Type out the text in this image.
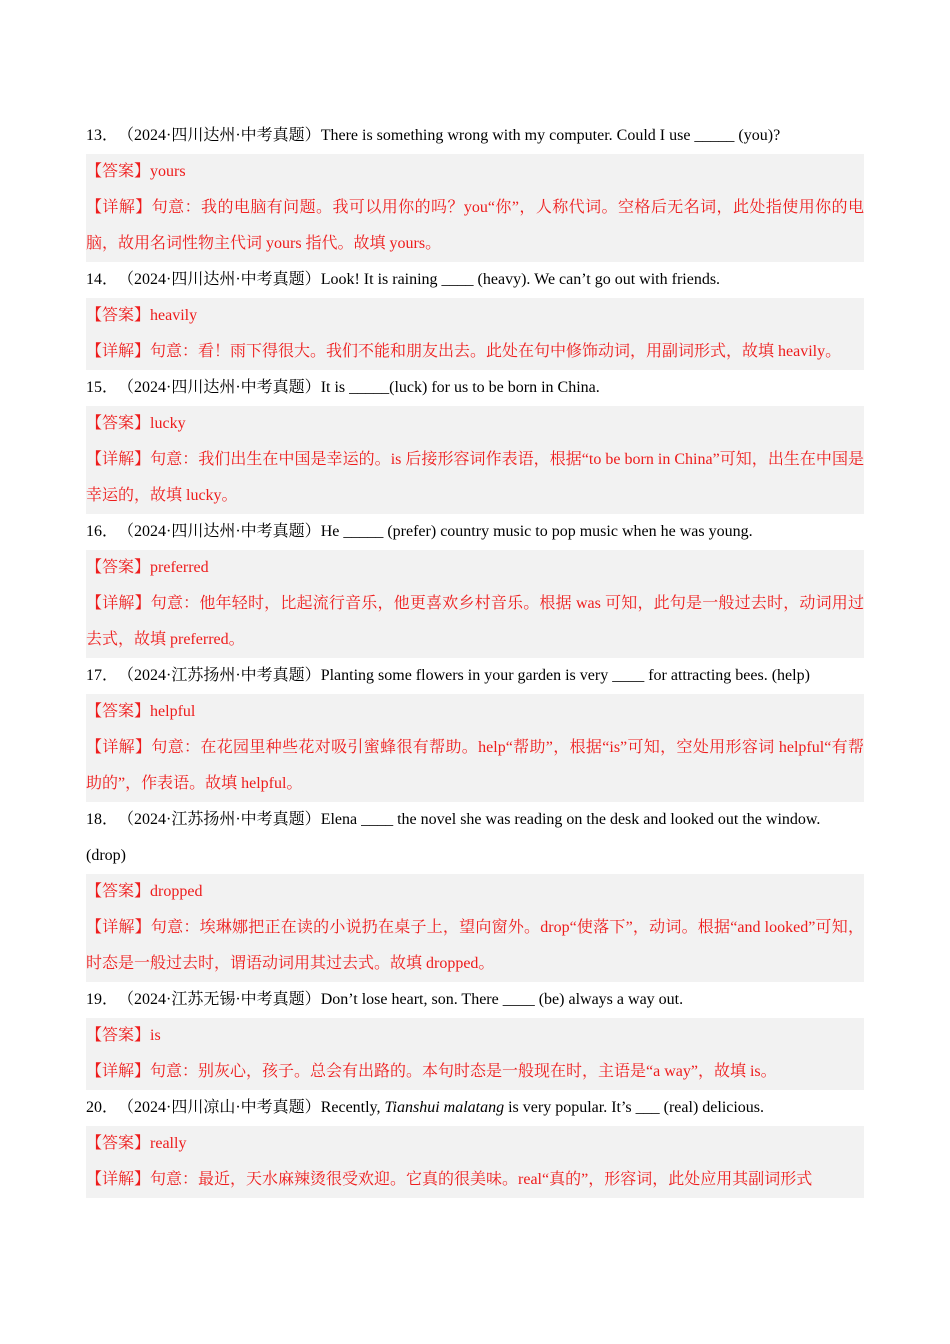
13．（2024·四川达州·中考真题）There is something wrong with my computer. Could I use _____ (you)?

【答案】yours

【详解】句意：我的电脑有问题。我可以用你的吗？you“你”，人称代词。空格后无名词，此处指使用你的电脑，故用名词性物主代词 yours 指代。故填 yours。

14．（2024·四川达州·中考真题）Look! It is raining ____ (heavy). We can’t go out with friends.

【答案】heavily

【详解】句意：看！雨下得很大。我们不能和朋友出去。此处在句中修饰动词，用副词形式，故填 heavily。

15．（2024·四川达州·中考真题）It is _____(luck) for us to be born in China.

【答案】lucky

【详解】句意：我们出生在中国是幸运的。is 后接形容词作表语，根据“to be born in China”可知，出生在中国是幸运的，故填 lucky。

16．（2024·四川达州·中考真题）He _____ (prefer) country music to pop music when he was young.

【答案】preferred

【详解】句意：他年轻时，比起流行音乐，他更喜欢乡村音乐。根据 was 可知，此句是一般过去时，动词用过去式，故填 preferred。

17．（2024·江苏扬州·中考真题）Planting some flowers in your garden is very ____ for attracting bees. (help)

【答案】helpful

【详解】句意：在花园里种些花对吸引蜜蜂很有帮助。help“帮助”，根据“is”可知，空处用形容词 helpful“有帮助的”，作表语。故填 helpful。

18．（2024·江苏扬州·中考真题）Elena ____ the novel she was reading on the desk and looked out the window. (drop)

【答案】dropped

【详解】句意：埃琳娜把正在读的小说扔在桌子上，望向窗外。drop“使落下”，动词。根据“and looked”可知，时态是一般过去时，谓语动词用其过去式。故填 dropped。

19．（2024·江苏无锡·中考真题）Don’t lose heart, son. There ____ (be) always a way out.

【答案】is

【详解】句意：别灰心，孩子。总会有出路的。本句时态是一般现在时，主语是“a way”，故填 is。

20．（2024·四川凉山·中考真题）Recently, Tianshui malatang is very popular. It’s ___ (real) delicious.

【答案】really

【详解】句意：最近，天水麻辣烫很受欢迎。它真的很美味。real“真的”，形容词，此处应用其副词形式
